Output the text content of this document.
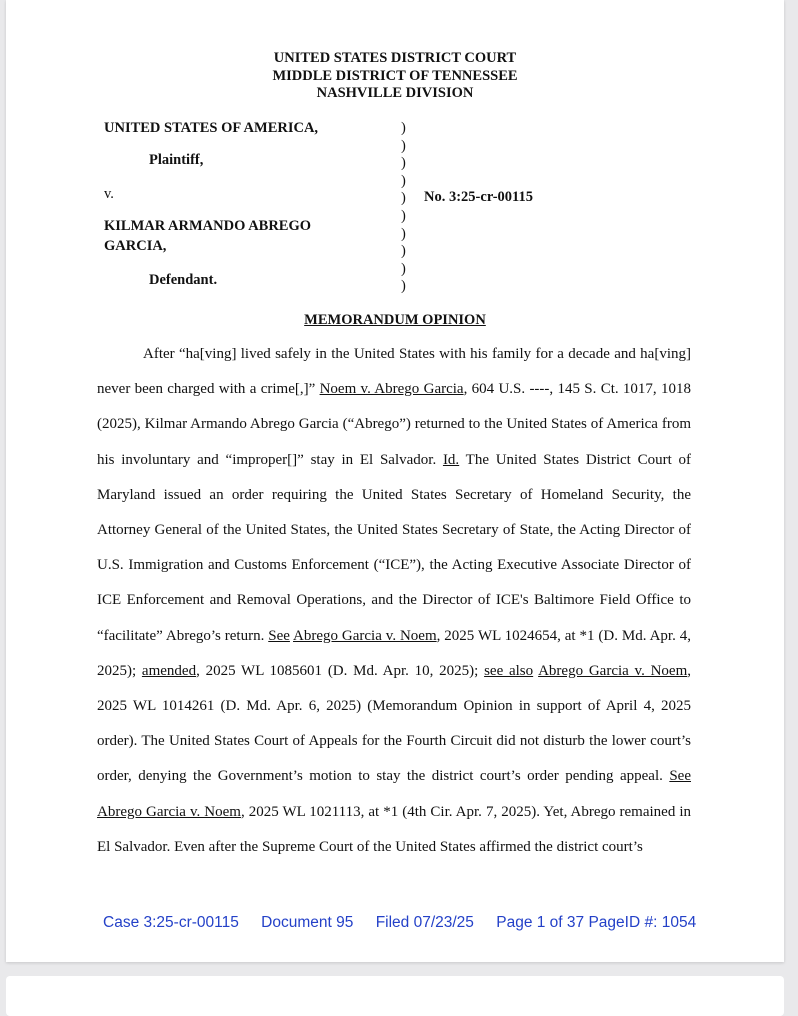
UNITED STATES DISTRICT COURT
MIDDLE DISTRICT OF TENNESSEE
NASHVILLE DIVISION
UNITED STATES OF AMERICA,
Plaintiff,
v.
KILMAR ARMANDO ABREGO
GARCIA,
Defendant.
)
)
)
)
)
)
)
)
)
)
No. 3:25-cr-00115
MEMORANDUM OPINION

After “ha[ving] lived safely in the United States with his family for a decade and ha[ving] never been charged with a crime[,]” Noem v. Abrego Garcia, 604 U.S. ----, 145 S. Ct. 1017, 1018 (2025), Kilmar Armando Abrego Garcia (“Abrego”) returned to the United States of America from his involuntary and “improper[]” stay in El Salvador. Id. The United States District Court of Maryland issued an order requiring the United States Secretary of Homeland Security, the Attorney General of the United States, the United States Secretary of State, the Acting Director of U.S. Immigration and Customs Enforcement (“ICE”), the Acting Executive Associate Director of ICE Enforcement and Removal Operations, and the Director of ICE's Baltimore Field Office to “facilitate” Abrego’s return. See Abrego Garcia v. Noem, 2025 WL 1024654, at *1 (D. Md. Apr. 4, 2025); amended, 2025 WL 1085601 (D. Md. Apr. 10, 2025); see also Abrego Garcia v. Noem, 2025 WL 1014261 (D. Md. Apr. 6, 2025) (Memorandum Opinion in support of April 4, 2025 order). The United States Court of Appeals for the Fourth Circuit did not disturb the lower court’s order, denying the Government’s motion to stay the district court’s order pending appeal. See Abrego Garcia v. Noem, 2025 WL 1021113, at *1 (4th Cir. Apr. 7, 2025). Yet, Abrego remained in El Salvador. Even after the Supreme Court of the United States affirmed the district court’s

Case 3:25-cr-00115 Document 95 Filed 07/23/25 Page 1 of 37 PageID #: 1054
